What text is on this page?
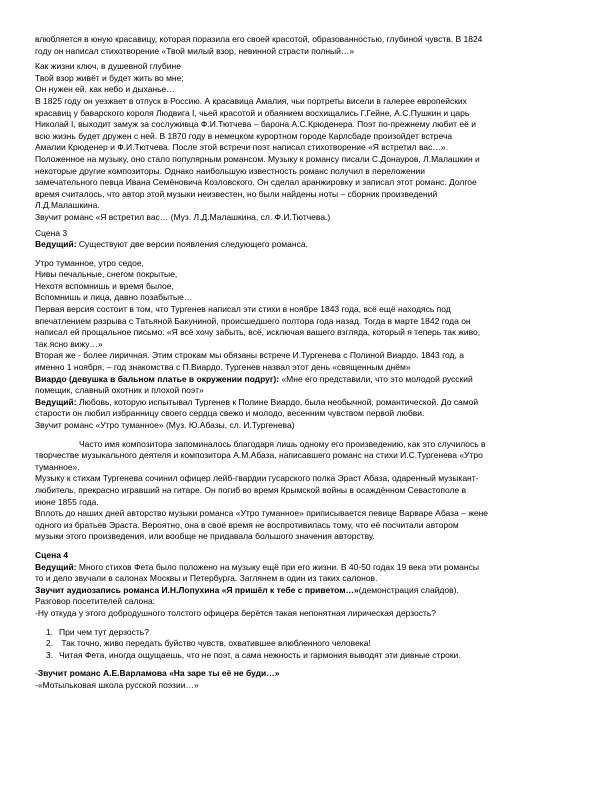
влюбляется в юную красавицу, которая поразила его своей красотой, образованностью, глубиной чувств. В 1824
году он написал стихотворение «Твой милый взор, невинной страсти полный…»
Как жизни ключ, в душевной глубине
Твой взор живёт и будет жить во мне;
Он нужен ей, как небо и дыханье…
В 1825 году он уезжает в отпуск в Россию. А красавица Амалия, чьи портреты висели в галерее европейских
красавиц у баварского короля Людвига I, чьей красотой и обаянием восхищались Г.Гейне, А.С.Пушкин и царь
Николай I, выходит замуж за сослуживца Ф.И.Тютчева – барона А.С.Крюденера. Поэт по-прежнему любит её и
всю жизнь будет дружен с ней. В 1870 году в немецком курортном городе Карлсбаде произойдет встреча
Амалии Крюденер и Ф.И.Тютчева. После этой встречи поэт написал стихотворение «Я встретил вас…».
Положенное на музыку, оно стало популярным романсом. Музыку к романсу писали С.Донауров, Л.Малашкин и
некоторые другие композиторы. Однако наибольшую известность романс получил в переложении
замечательного певца Ивана Семёновича Козловского. Он сделал аранжировку и записал этот романс. Долгое
время считалось, что автор этой музыки неизвестен, но были найдены ноты – сборник произведений
Л.Д.Малашкина.
Звучит романс «Я встретил вас… (Муз. Л.Д.Малашкина, сл. Ф.И.Тютчева.)
Сцена 3
Ведущий: Существуют две версии появления следующего романса.
Утро туманное, утро седое,
Нивы печальные, снегом покрытые,
Нехотя вспомнишь и время былое,
Вспомнишь и лица, давно позабытые…
Первая версия состоит в том, что Тургенев написал эти стихи в ноябре 1843 года, всё ещё находясь под
впечатлением разрыва с Татьяной Бакуниной, происшедшего полтора года назад. Тогда в марте 1842 года он
написал ей прощальное письмо: «Я всё хочу забыть, всё, исключая вашего взгляда, который я теперь так живо,
так ясно вижу…»
Вторая же - более лиричная. Этим строкам мы обязаны встрече И.Тургенева с Полиной Виардо. 1843 год, а
именно 1 ноября, – год знакомства с П.Виардо. Тургенев назвал этот день «священным днём»
Виардо (девушка в бальном платье в окружении подруг): «Мне его представили, что это молодой русский
помещик, славный охотник и плохой поэт»
Ведущий: Любовь, которую испытывал Тургенев к Полине Виардо, была необычной, романтической. До самой
старости он любил избранницу своего сердца свежо и молодо, весенним чувством первой любви.
Звучит романс «Утро туманное» (Муз. Ю.Абазы, сл. И.Тургенева)
Часто имя композитора запоминалось благодаря лишь одному его произведению, как это случилось в
творчестве музыкального деятеля и композитора А.М.Абаза, написавшего романс на стихи И.С.Тургенева «Утро
туманное».
Музыку к стихам Тургенева сочинил офицер лейб-гвардии гусарского полка Эраст Абаза, одаренный музыкант-
любитель, прекрасно игравший на гитаре. Он погиб во время Крымской войны в осаждённом Севастополе в
июне 1855 года.
Вплоть до наших дней авторство музыки романса «Утро туманное» приписывается певице Варваре Абаза – жене
одного из братьев Эраста. Вероятно, она в своё время не воспротивилась тому, что её посчитали автором
музыки этого произведения, или вообще не придавала большого значения авторству.
Сцена 4
Ведущий: Много стихов Фета было положено на музыку ещё при его жизни. В 40-50 годах 19 века эти романсы
то и дело звучали в салонах Москвы и Петербурга. Заглянем в один из таких салонов.
Звучит аудиозапись романса И.Н.Лопухина «Я пришёл к тебе с приветом…»(демонстрация слайдов).
Разговор посетителей салона:
-Ну откуда у этого добродушного толстого офицера берётся такая непонятная лирическая дерзость?
1. При чем тут дерзость?
2. Так точно, живо передать буйство чувств, охватившее влюбленного человека!
3. Читая Фета, иногда ощущаешь, что не поэт, а сама нежность и гармония выводят эти дивные строки.
-Звучит романс А.Е.Варламова «На заре ты её не буди…»
-«Мотыльковая школа русской поэзии…»
